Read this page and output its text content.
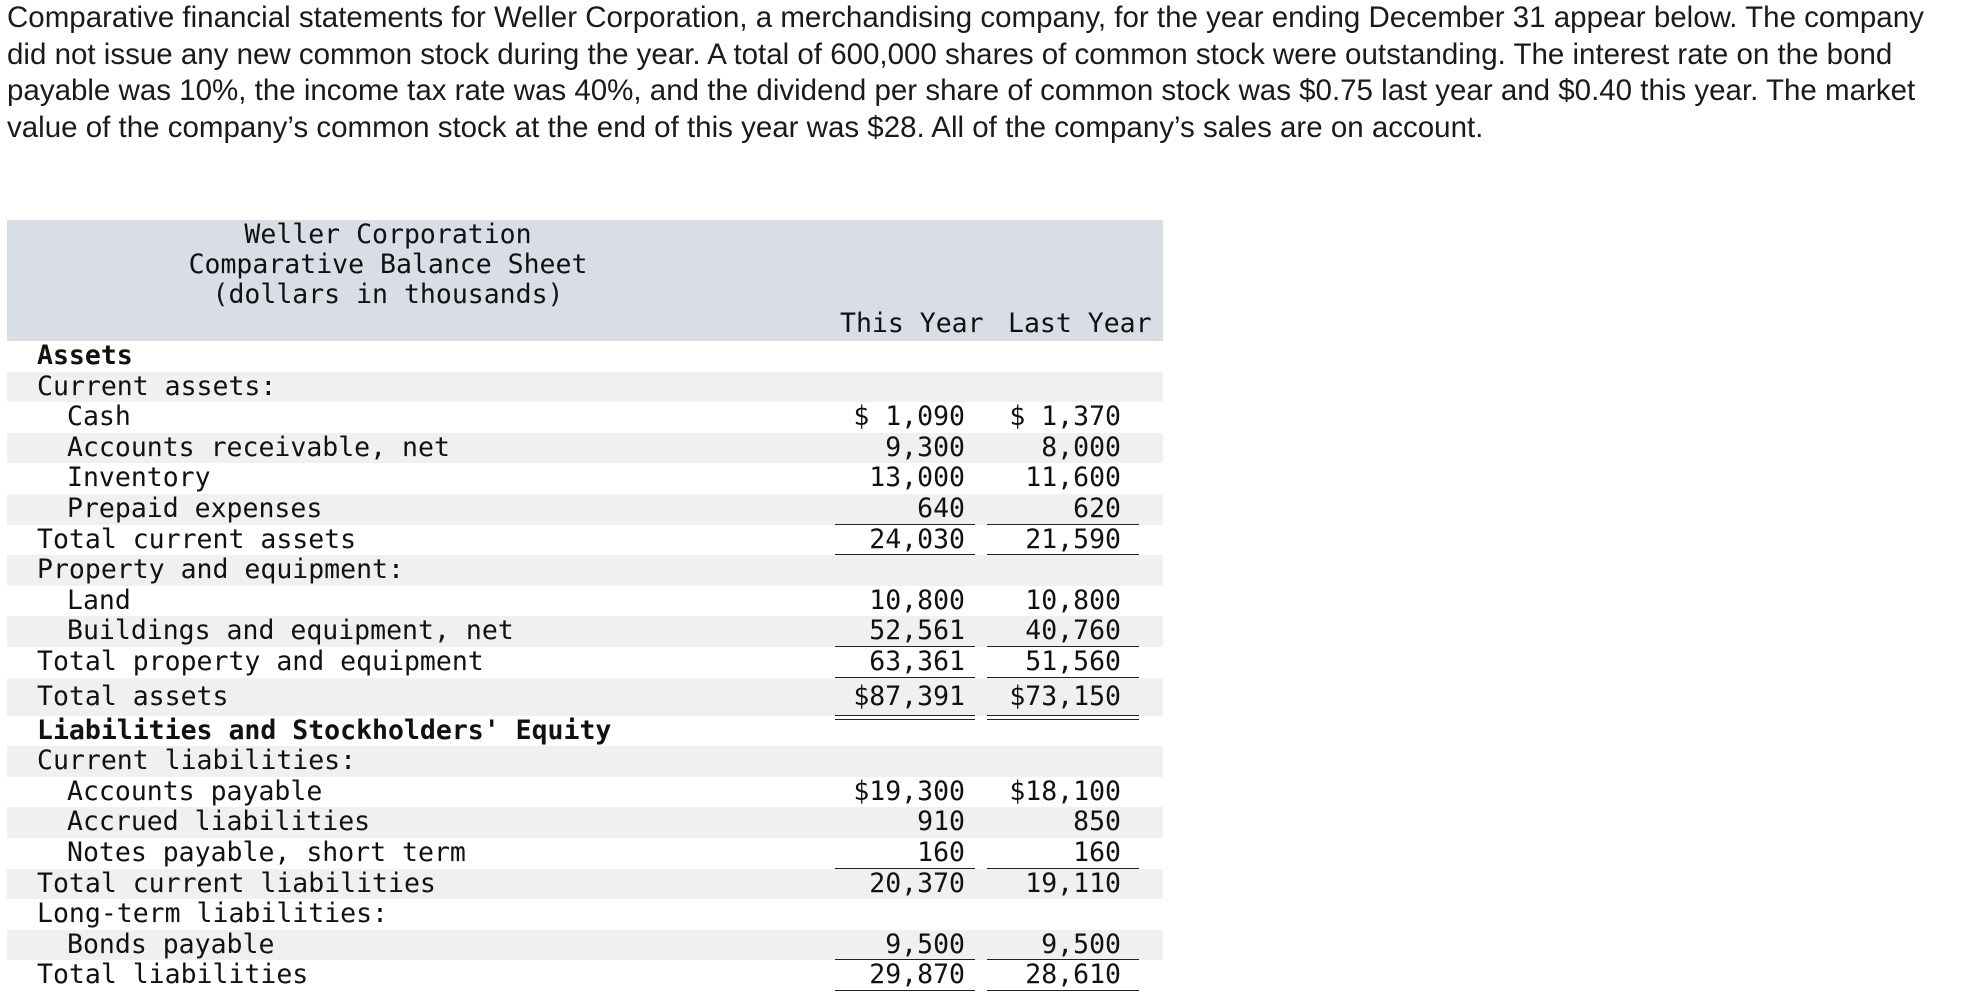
Comparative financial statements for Weller Corporation, a merchandising company, for the year ending December 31 appear below. The company did not issue any new common stock during the year. A total of 600,000 shares of common stock were outstanding. The interest rate on the bond payable was 10%, the income tax rate was 40%, and the dividend per share of common stock was $0.75 last year and $0.40 this year. The market value of the company’s common stock at the end of this year was $28. All of the company’s sales are on account.
Weller Corporation
Comparative Balance Sheet
(dollars in thousands)
This Year Last Year
Assets
Current assets:
Cash	$ 1,090	$ 1,370
Accounts receivable, net	9,300	8,000
Inventory	13,000	11,600
Prepaid expenses	640	620
Total current assets	24,030	21,590
Property and equipment:
Land	10,800	10,800
Buildings and equipment, net	52,561	40,760
Total property and equipment	63,361	51,560
Total assets	$87,391	$73,150
Liabilities and Stockholders' Equity
Current liabilities:
Accounts payable	$19,300	$18,100
Accrued liabilities	910	850
Notes payable, short term	160	160
Total current liabilities	20,370	19,110
Long-term liabilities:
Bonds payable	9,500	9,500
Total liabilities	29,870	28,610
